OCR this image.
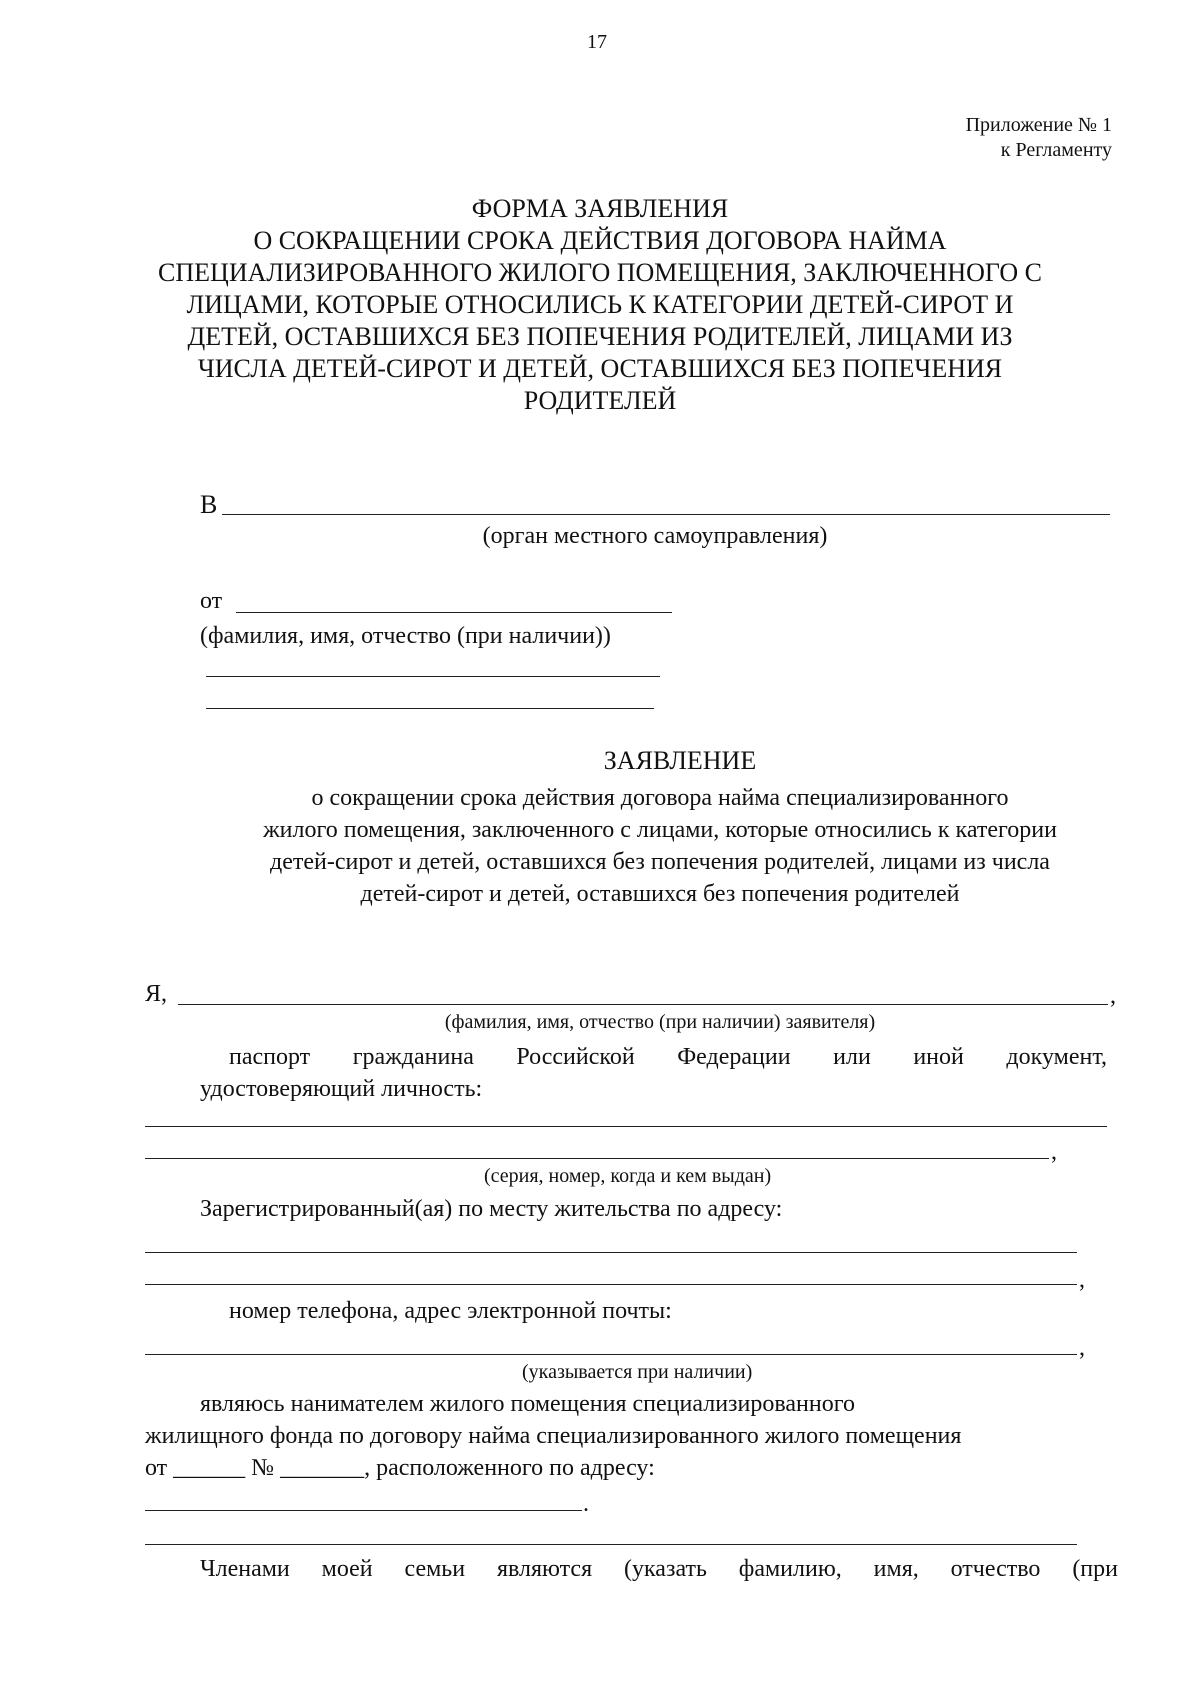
17
Приложение № 1
к Регламенту
ФОРМА ЗАЯВЛЕНИЯ
О СОКРАЩЕНИИ СРОКА ДЕЙСТВИЯ ДОГОВОРА НАЙМА
СПЕЦИАЛИЗИРОВАННОГО ЖИЛОГО ПОМЕЩЕНИЯ, ЗАКЛЮЧЕННОГО С
ЛИЦАМИ, КОТОРЫЕ ОТНОСИЛИСЬ К КАТЕГОРИИ ДЕТЕЙ-СИРОТ И
ДЕТЕЙ, ОСТАВШИХСЯ БЕЗ ПОПЕЧЕНИЯ РОДИТЕЛЕЙ, ЛИЦАМИ ИЗ
ЧИСЛА ДЕТЕЙ-СИРОТ И ДЕТЕЙ, ОСТАВШИХСЯ БЕЗ ПОПЕЧЕНИЯ
РОДИТЕЛЕЙ
В
(орган местного самоуправления)
от
(фамилия, имя, отчество (при наличии))
ЗАЯВЛЕНИЕ
о сокращении срока действия договора найма специализированного
жилого помещения, заключенного с лицами, которые относились к категории
детей-сирот и детей, оставшихся без попечения родителей, лицами из числа
детей-сирот и детей, оставшихся без попечения родителей
Я,	,
(фамилия, имя, отчество (при наличии) заявителя)
паспорт гражданина Российской Федерации или иной документ,
удостоверяющий личность:
,
(серия, номер, когда и кем выдан)
Зарегистрированный(ая) по месту жительства по адресу:
,
номер телефона, адрес электронной почты:
,
(указывается при наличии)
являюсь нанимателем жилого помещения специализированного
жилищного фонда по договору найма специализированного жилого помещения
от ______ № _______, расположенного по адресу:
.
Членами моей семьи являются (указать фамилию, имя, отчество (при
